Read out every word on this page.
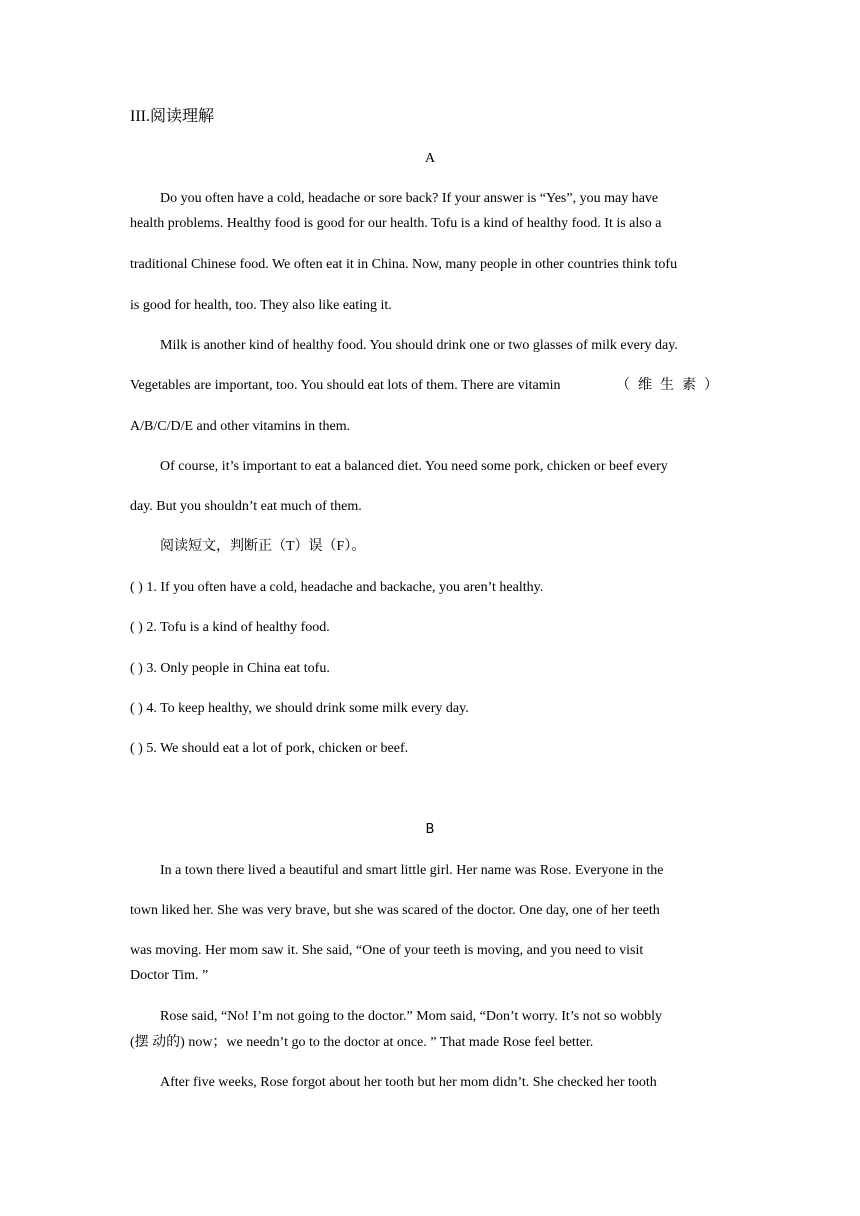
III.阅读理解
A
Do you often have a cold, headache or sore back? If your answer is “Yes”, you may have
health problems. Healthy food is good for our health. Tofu is a kind of healthy food. It is also a
traditional Chinese food. We often eat it in China. Now, many people in other countries think tofu
is good for health, too. They also like eating it.
Milk is another kind of healthy food. You should drink one or two glasses of milk every day.
Vegetables are important, too. You should eat lots of them. There are vitamin	（维生素）
A/B/C/D/E and other vitamins in them.
Of course, it’s important to eat a balanced diet. You need some pork, chicken or beef every
day. But you shouldn’t eat much of them.
阅读短文，判断正（T）误（F）。
( ) 1. If you often have a cold, headache and backache, you aren’t healthy.
( ) 2. Tofu is a kind of healthy food.
( ) 3. Only people in China eat tofu.
( ) 4. To keep healthy, we should drink some milk every day.
( ) 5. We should eat a lot of pork, chicken or beef.
B
In a town there lived a beautiful and smart little girl. Her name was Rose. Everyone in the
town liked her. She was very brave, but she was scared of the doctor. One day, one of her teeth
was moving. Her mom saw it. She said, “One of your teeth is moving, and you need to visit
Doctor Tim. ”
Rose said, “No! I’m not going to the doctor.” Mom said, “Don’t worry. It’s not so wobbly
(摆 动的) now；we needn’t go to the doctor at once. ” That made Rose feel better.
After five weeks, Rose forgot about her tooth but her mom didn’t. She checked her tooth
